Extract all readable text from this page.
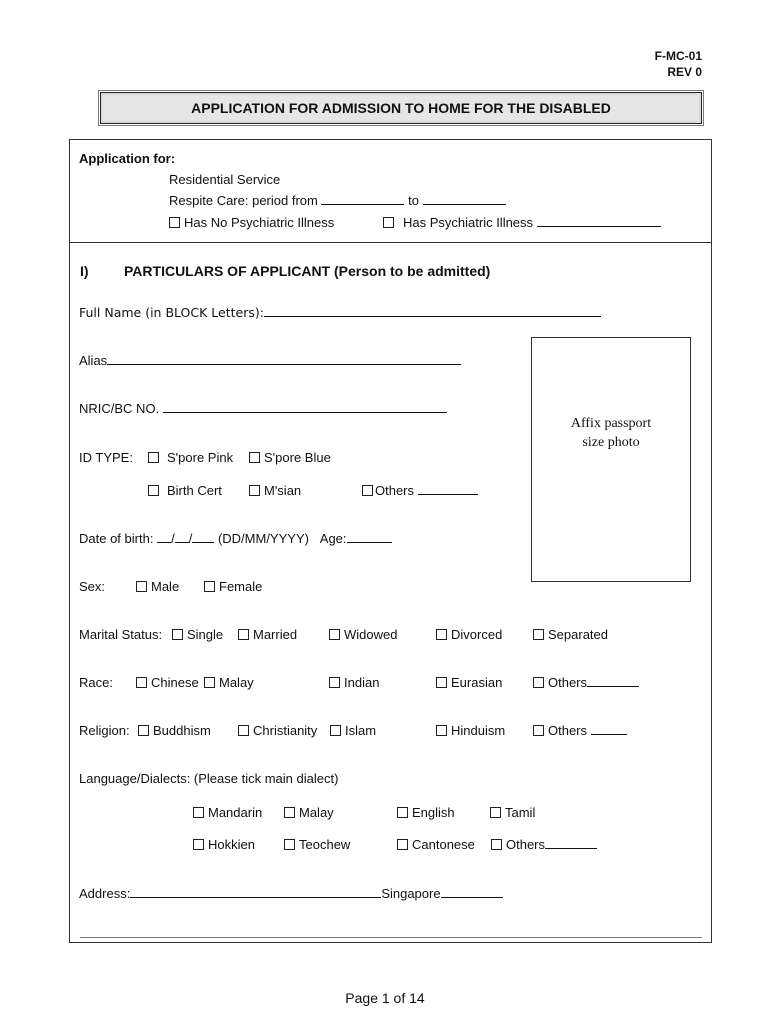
F-MC-01
REV 0
APPLICATION FOR ADMISSION TO HOME FOR THE DISABLED
Application for:
Residential Service
Respite Care: period from	to
Has No Psychiatric Illness	Has Psychiatric Illness
I)	PARTICULARS OF APPLICANT (Person to be admitted)
Full Name (in BLOCK Letters):
Alias
NRIC/BC NO.
Affix passport
size photo
ID TYPE:	S'pore Pink	S'pore Blue
Birth Cert	M'sian	Others
Date of birth: / / (DD/MM/YYYY) Age:
Sex:	Male	Female
Marital Status:	Single	Married	Widowed	Divorced	Separated
Race:	Chinese	Malay	Indian	Eurasian	Others
Religion:	Buddhism	Christianity	Islam	Hinduism	Others
Language/Dialects: (Please tick main dialect)
Mandarin	Malay	English	Tamil
Hokkien	Teochew	Cantonese	Others
Address:	Singapore
Page 1 of 14
